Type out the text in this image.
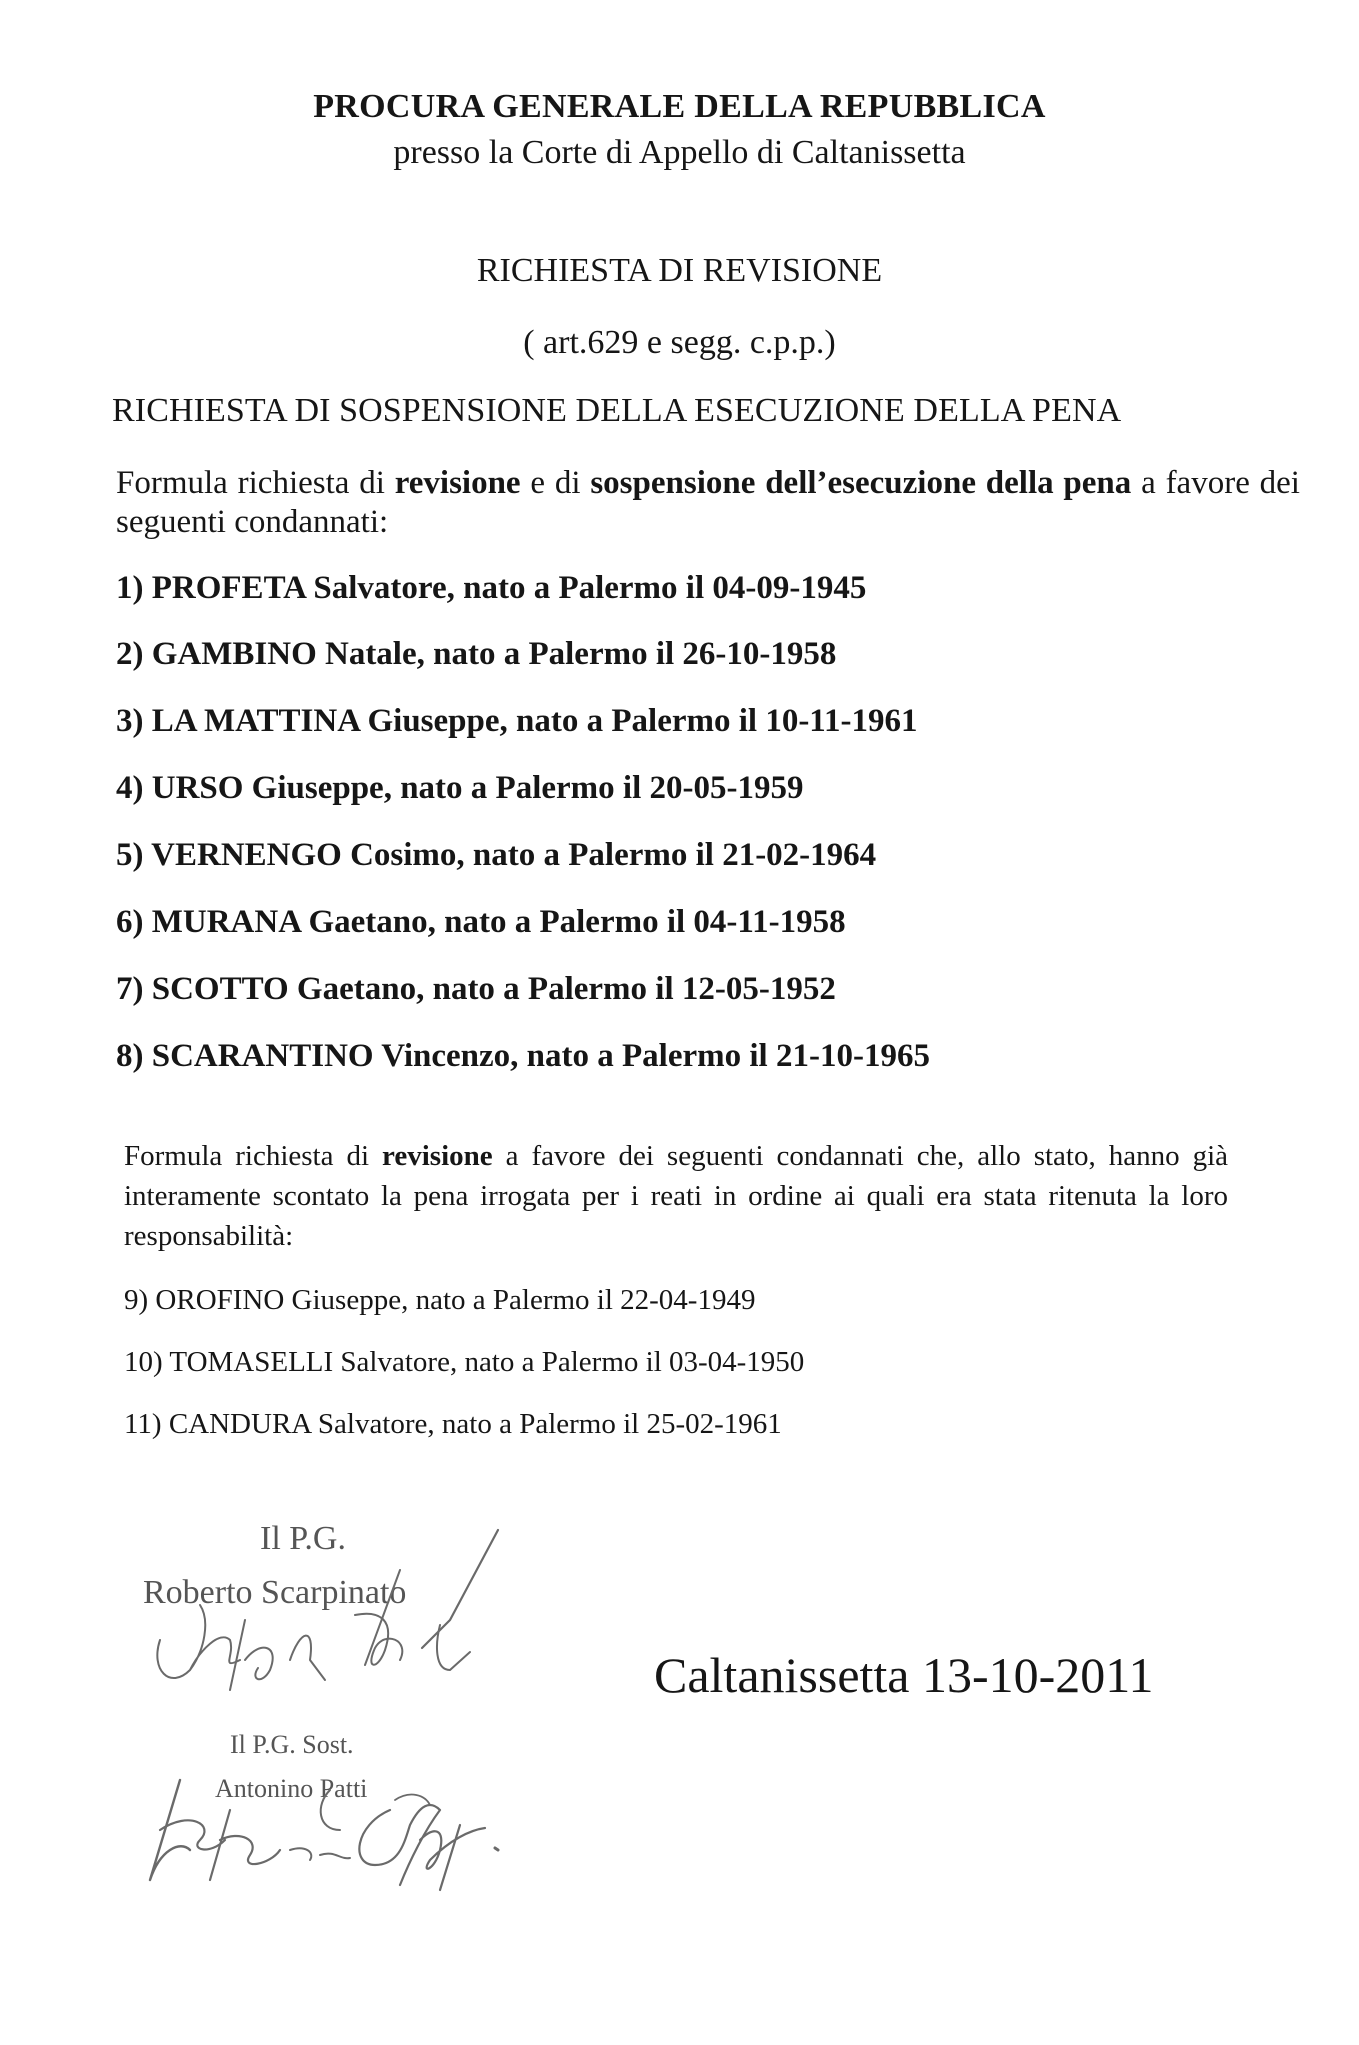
PROCURA GENERALE DELLA REPUBBLICA
presso la Corte di Appello di Caltanissetta
RICHIESTA DI REVISIONE
( art.629 e segg. c.p.p.)
RICHIESTA DI SOSPENSIONE DELLA ESECUZIONE DELLA PENA
Formula richiesta di revisione e di sospensione dell’esecuzione della pena a favore dei seguenti condannati:
1) PROFETA Salvatore, nato a Palermo il 04-09-1945
2) GAMBINO Natale, nato a Palermo il 26-10-1958
3) LA MATTINA Giuseppe, nato a Palermo il 10-11-1961
4) URSO Giuseppe, nato a Palermo il 20-05-1959
5) VERNENGO Cosimo, nato a Palermo il 21-02-1964
6) MURANA Gaetano, nato a Palermo il 04-11-1958
7) SCOTTO Gaetano, nato a Palermo il 12-05-1952
8) SCARANTINO Vincenzo, nato a Palermo il 21-10-1965
Formula richiesta di revisione a favore dei seguenti condannati che, allo stato, hanno già interamente scontato la pena irrogata per i reati in ordine ai quali era stata ritenuta la loro responsabilità:
9) OROFINO Giuseppe, nato a Palermo il 22-04-1949
10) TOMASELLI Salvatore, nato a Palermo il 03-04-1950
11) CANDURA Salvatore, nato a Palermo il 25-02-1961
Il P.G.
Roberto Scarpinato
Caltanissetta 13-10-2011
Il P.G. Sost.
Antonino Patti
